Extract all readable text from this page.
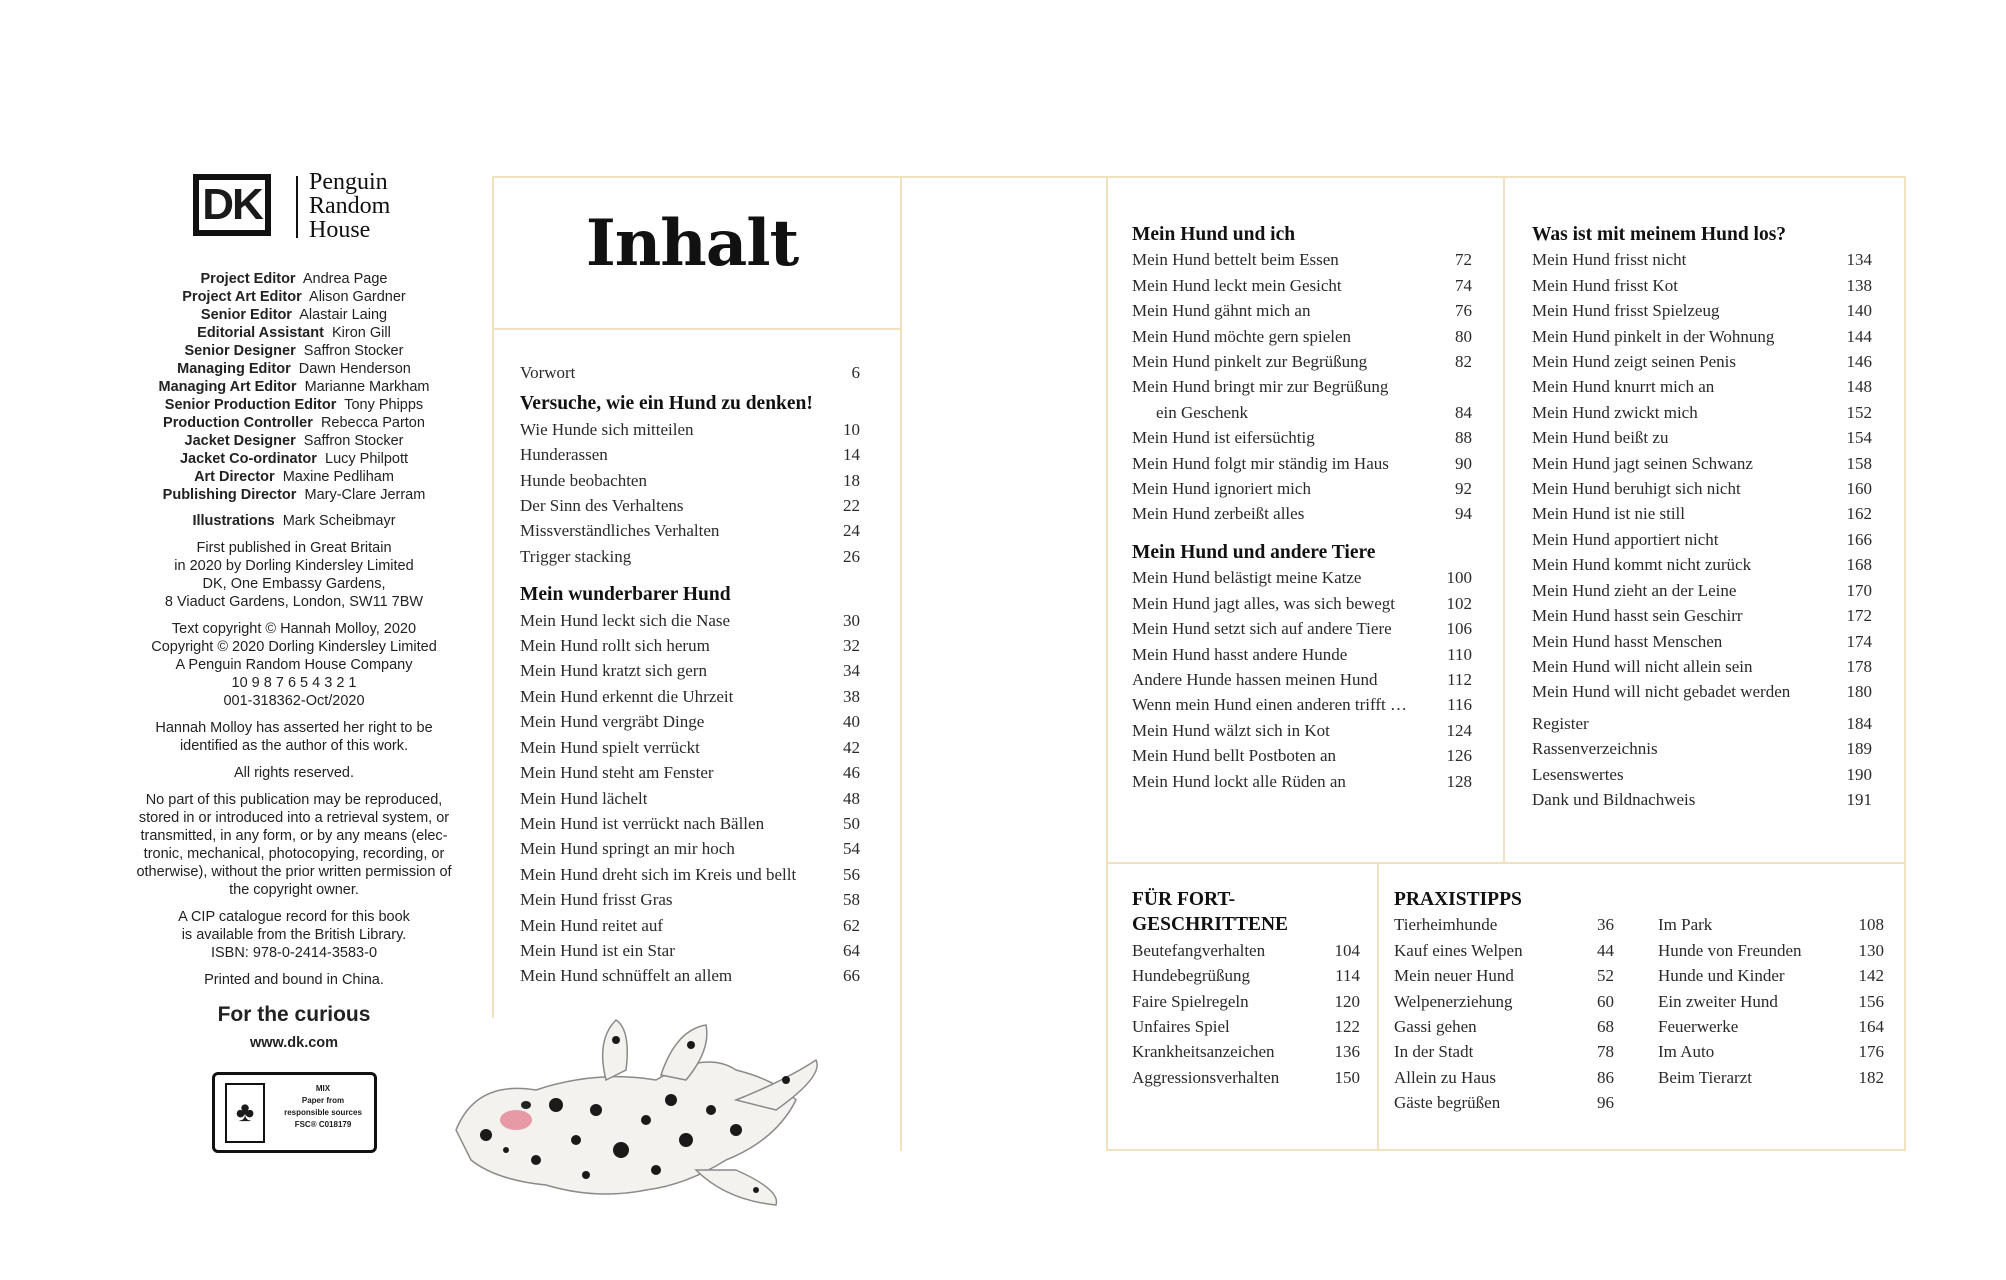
DK	Penguin
Random
House
Project Editor Andrea Page
Project Art Editor Alison Gardner
Senior Editor Alastair Laing
Editorial Assistant Kiron Gill
Senior Designer Saffron Stocker
Managing Editor Dawn Henderson
Managing Art Editor Marianne Markham
Senior Production Editor Tony Phipps
Production Controller Rebecca Parton
Jacket Designer Saffron Stocker
Jacket Co-ordinator Lucy Philpott
Art Director Maxine Pedliham
Publishing Director Mary-Clare Jerram
Illustrations Mark Scheibmayr
First published in Great Britain
in 2020 by Dorling Kindersley Limited
DK, One Embassy Gardens,
8 Viaduct Gardens, London, SW11 7BW
Text copyright © Hannah Molloy, 2020
Copyright © 2020 Dorling Kindersley Limited
A Penguin Random House Company
10 9 8 7 6 5 4 3 2 1
001-318362-Oct/2020
Hannah Molloy has asserted her right to be
identified as the author of this work.
All rights reserved.
No part of this publication may be reproduced,
stored in or introduced into a retrieval system, or
transmitted, in any form, or by any means (elec-
tronic, mechanical, photocopying, recording, or
otherwise), without the prior written permission of
the copyright owner.
A CIP catalogue record for this book
is available from the British Library.
ISBN: 978-0-2414-3583-0
Printed and bound in China.
For the curious
www.dk.com
♣
MIX
Paper from
responsible sources
FSC® C018179
Inhalt
Vorwort	6
Versuche, wie ein Hund zu denken!
Wie Hunde sich mitteilen	10
Hunderassen	14
Hunde beobachten	18
Der Sinn des Verhaltens	22
Missverständliches Verhalten	24
Trigger stacking	26
Mein wunderbarer Hund
Mein Hund leckt sich die Nase	30
Mein Hund rollt sich herum	32
Mein Hund kratzt sich gern	34
Mein Hund erkennt die Uhrzeit	38
Mein Hund vergräbt Dinge	40
Mein Hund spielt verrückt	42
Mein Hund steht am Fenster	46
Mein Hund lächelt	48
Mein Hund ist verrückt nach Bällen	50
Mein Hund springt an mir hoch	54
Mein Hund dreht sich im Kreis und bellt	56
Mein Hund frisst Gras	58
Mein Hund reitet auf	62
Mein Hund ist ein Star	64
Mein Hund schnüffelt an allem	66
Mein Hund und ich
Mein Hund bettelt beim Essen	72
Mein Hund leckt mein Gesicht	74
Mein Hund gähnt mich an	76
Mein Hund möchte gern spielen	80
Mein Hund pinkelt zur Begrüßung	82
Mein Hund bringt mir zur Begrüßung
ein Geschenk	84
Mein Hund ist eifersüchtig	88
Mein Hund folgt mir ständig im Haus	90
Mein Hund ignoriert mich	92
Mein Hund zerbeißt alles	94
Mein Hund und andere Tiere
Mein Hund belästigt meine Katze	100
Mein Hund jagt alles, was sich bewegt	102
Mein Hund setzt sich auf andere Tiere	106
Mein Hund hasst andere Hunde	110
Andere Hunde hassen meinen Hund	112
Wenn mein Hund einen anderen trifft …	116
Mein Hund wälzt sich in Kot	124
Mein Hund bellt Postboten an	126
Mein Hund lockt alle Rüden an	128
Was ist mit meinem Hund los?
Mein Hund frisst nicht	134
Mein Hund frisst Kot	138
Mein Hund frisst Spielzeug	140
Mein Hund pinkelt in der Wohnung	144
Mein Hund zeigt seinen Penis	146
Mein Hund knurrt mich an	148
Mein Hund zwickt mich	152
Mein Hund beißt zu	154
Mein Hund jagt seinen Schwanz	158
Mein Hund beruhigt sich nicht	160
Mein Hund ist nie still	162
Mein Hund apportiert nicht	166
Mein Hund kommt nicht zurück	168
Mein Hund zieht an der Leine	170
Mein Hund hasst sein Geschirr	172
Mein Hund hasst Menschen	174
Mein Hund will nicht allein sein	178
Mein Hund will nicht gebadet werden	180
Register	184
Rassenverzeichnis	189
Lesenswertes	190
Dank und Bildnachweis	191
FÜR FORT-
GESCHRITTENE
Beutefangverhalten	104
Hundebegrüßung	114
Faire Spielregeln	120
Unfaires Spiel	122
Krankheitsanzeichen	136
Aggressionsverhalten	150
PRAXISTIPPS
Tierheimhunde	36
Kauf eines Welpen	44
Mein neuer Hund	52
Welpenerziehung	60
Gassi gehen	68
In der Stadt	78
Allein zu Haus	86
Gäste begrüßen	96
Im Park	108
Hunde von Freunden	130
Hunde und Kinder	142
Ein zweiter Hund	156
Feuerwerke	164
Im Auto	176
Beim Tierarzt	182
